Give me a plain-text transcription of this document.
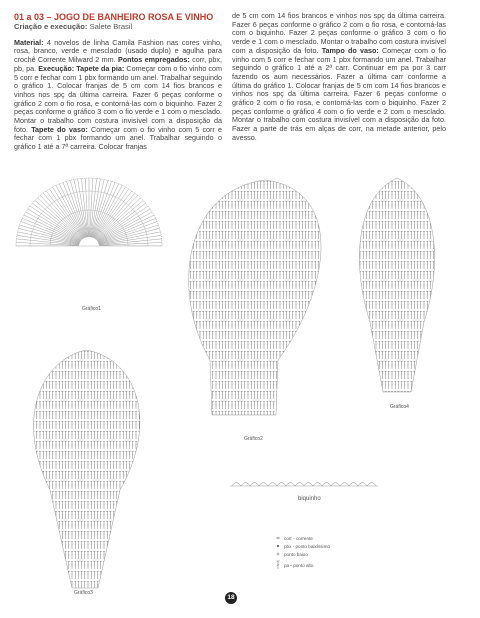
01 a 03 – JOGO DE BANHEIRO ROSA E VINHO
Criação e execução: Salete Brasil
Material: 4 novelos de linha Camila Fashion nas cores vinho, rosa, branco, verde e mesclado (usado duplo) e agulha para crochê Corrente Milward 2 mm. Pontos empregados: corr, pbx, pb, pa. Execução: Tapete da pia: Começar com o fio vinho com 5 corr e fechar com 1 pbx formando um anel. Trabalhar seguindo o gráfico 1. Colocar franjas de 5 cm com 14 fios brancos e vinhos nos spç da última carreira. Fazer 6 peças conforme o gráfico 2 com o fio rosa, e contorná-las com o biquinho. Fazer 2 peças conforme o gráfico 3 com o fio verde e 1 com o mesclado. Montar o trabalho com costura invisível com a disposição da foto. Tapete do vaso: Começar com o fio vinho com 5 corr e fechar com 1 pbx formando um anel. Trabalhar seguindo o gráfico 1 até a 7ª carreira. Colocar franjas
de 5 cm com 14 fios brancos e vinhos nos spç da última carreira. Fazer 6 peças conforme o gráfico 2 com o fio rosa, e contorná-las com o biquinho. Fazer 2 peças conforme o gráfico 3 com o fio verde e 1 com o mesclado. Montar o trabalho com costura invisível com a disposição da foto. Tampo do vaso: Começar com o fio vinho com 5 corr e fechar com 1 pbx formando um anel. Trabalhar seguindo o gráfico 1 até a 2ª carr. Continuar em pa por 3 carr fazendo os aum necessários. Fazer a última carr conforme a última do gráfico 1. Colocar franjas de 5 cm com 14 fios brancos e vinhos nos spç da última carreira. Fazer 6 peças conforme o gráfico 2 com o fio rosa, e contorná-las com o biquinho. Fazer 2 peças conforme o gráfico 4 com o fio verde e 2 com o mesclado. Montar o trabalho com costura invisível com a disposição da foto. Fazer a parte de trás em alças de corr, na metade anterior, pelo avesso.
Gráfico1
Gráfico2
Gráfico3
Gráfico4
biquinho
corr - corrente
pbx - ponto baixíssimo
ponto baixo
pa - ponto alto
18
